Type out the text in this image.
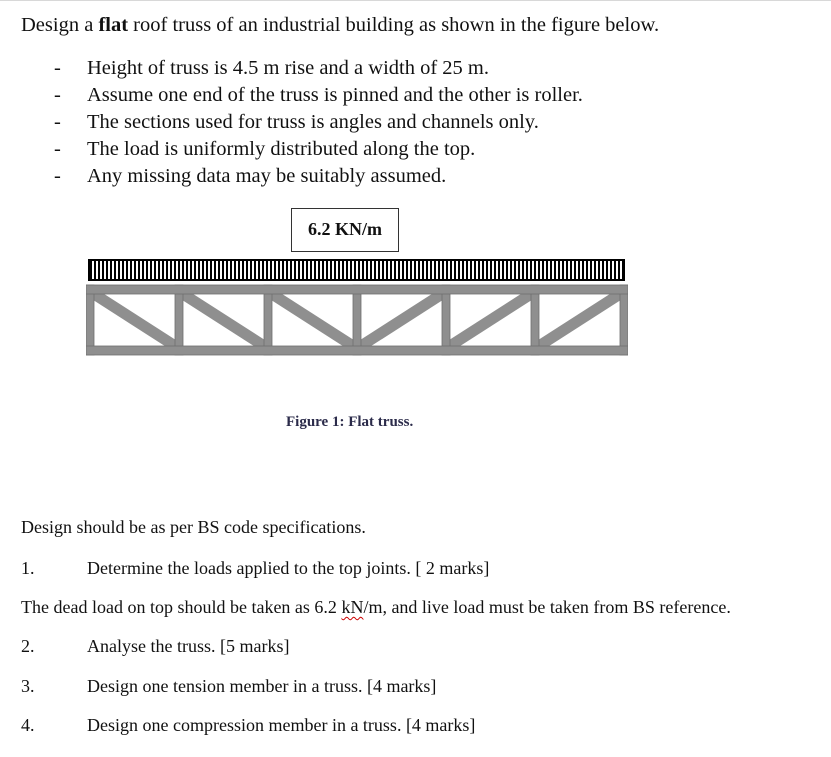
Design a flat roof truss of an industrial building as shown in the figure below.
- Height of truss is 4.5 m rise and a width of 25 m.
- Assume one end of the truss is pinned and the other is roller.
- The sections used for truss is angles and channels only.
- The load is uniformly distributed along the top.
- Any missing data may be suitably assumed.
6.2 KN/m
Figure 1: Flat truss.
Design should be as per BS code specifications.
1.	Determine the loads applied to the top joints. [ 2 marks]
The dead load on top should be taken as 6.2 kN/m, and live load must be taken from BS reference.
2.	Analyse the truss. [5 marks]
3.	Design one tension member in a truss. [4 marks]
4.	Design one compression member in a truss. [4 marks]
